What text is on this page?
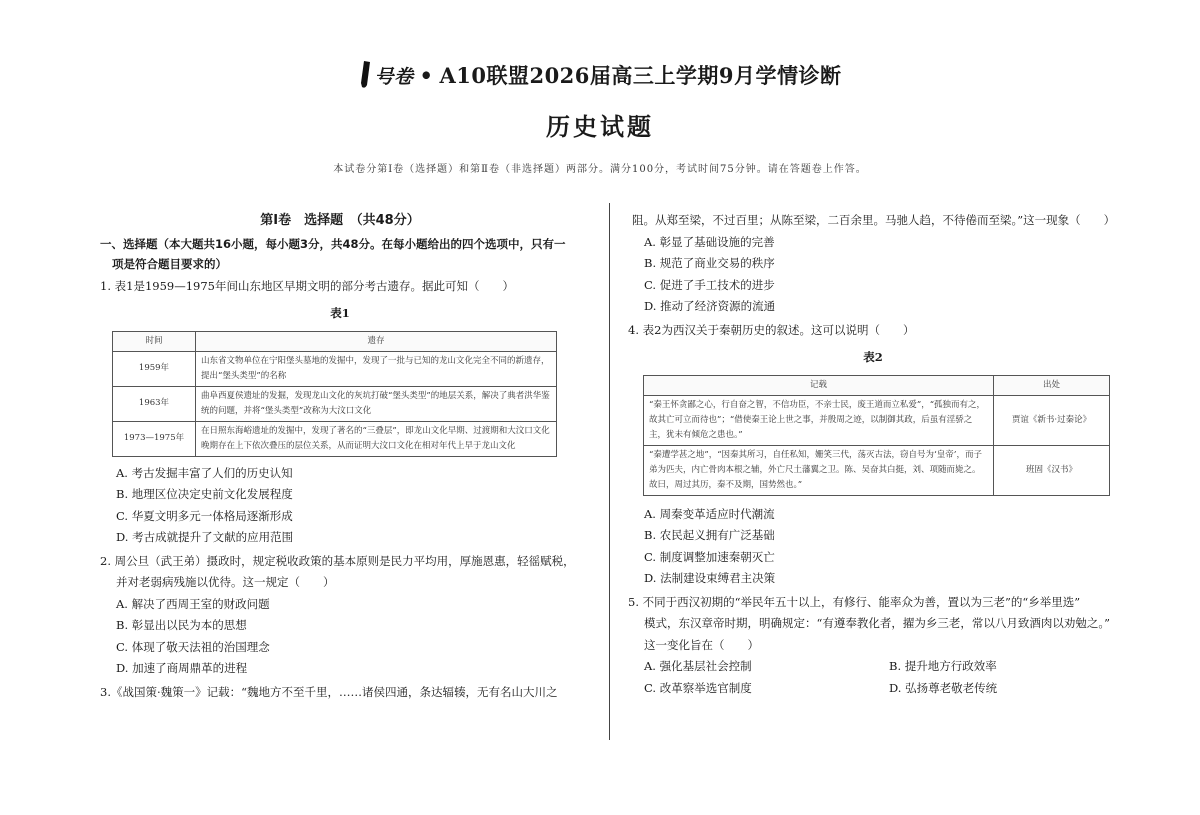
号卷 • A10联盟2026届高三上学期9月学情诊断
历史试题
本试卷分第Ⅰ卷（选择题）和第Ⅱ卷（非选择题）两部分。满分100分，考试时间75分钟。请在答题卷上作答。
第Ⅰ卷　选择题　（共48分）
一、选择题（本大题共16小题，每小题3分，共48分。在每小题给出的四个选项中，只有一
项是符合题目要求的）
1. 表1是1959—1975年间山东地区早期文明的部分考古遗存。据此可知（　　）
表1
时间	遗存
1959年	山东省文物单位在宁阳堡头墓地的发掘中，发现了一批与已知的龙山文化完全不同的新遗存，提出“堡头类型”的名称
1963年	曲阜西夏侯遗址的发掘，发现龙山文化的灰坑打破“堡头类型”的地层关系，解决了典者洪华鉴统的问题，并将“堡头类型”改称为大汶口文化
1973—1975年	在日照东海峪遗址的发掘中，发现了著名的“三叠层”，即龙山文化早期、过渡期和大汶口文化晚期存在上下依次叠压的层位关系，从而证明大汶口文化在相对年代上早于龙山文化
A. 考古发掘丰富了人们的历史认知
B. 地理区位决定史前文化发展程度
C. 华夏文明多元一体格局逐渐形成
D. 考古成就提升了文献的应用范围
2. 周公旦（武王弟）摄政时，规定税收政策的基本原则是民力平均用，厚施恩惠，轻徭赋税，
并对老弱病残施以优待。这一规定（　　）
A. 解决了西周王室的财政问题
B. 彰显出以民为本的思想
C. 体现了敬天法祖的治国理念
D. 加速了商周鼎革的进程
3.《战国策·魏策一》记载：“魏地方不至千里，……诸侯四通，条达辐辏，无有名山大川之
阻。从郑至梁，不过百里；从陈至梁，二百余里。马驰人趋，不待倦而至梁。”这一现象（　　）
A. 彰显了基础设施的完善
B. 规范了商业交易的秩序
C. 促进了手工技术的进步
D. 推动了经济资源的流通
4. 表2为西汉关于秦朝历史的叙述。这可以说明（　　）
表2
记载	出处
“秦王怀贪鄙之心，行自奋之智，不信功臣，不亲士民，废王道而立私爱”，“孤独而有之，故其亡可立而待也”；“借使秦王论上世之事，并殷周之迹，以制御其政，后虽有淫骄之主，犹未有倾危之患也。”	贾谊《新书·过秦论》
“秦遭学甚之地”，“因秦其所习，自任私知，姗笑三代，荡灭古法，窃自号为‘皇帝’，而子弟为匹夫，内亡骨肉本根之辅，外亡尺土藩翼之卫。陈、吴奋其白挺，刘、项随而毙之。故曰，周过其历，秦不及期，国势然也。”	班固《汉书》
A. 周秦变革适应时代潮流
B. 农民起义拥有广泛基础
C. 制度调整加速秦朝灭亡
D. 法制建设束缚君主决策
5. 不同于西汉初期的“举民年五十以上，有修行、能率众为善，置以为三老”的“乡举里选”
模式，东汉章帝时期，明确规定：“有遵奉教化者，擢为乡三老，常以八月致酒肉以劝勉之。”
这一变化旨在（　　）
A. 强化基层社会控制	B. 提升地方行政效率
C. 改革察举选官制度	D. 弘扬尊老敬老传统
